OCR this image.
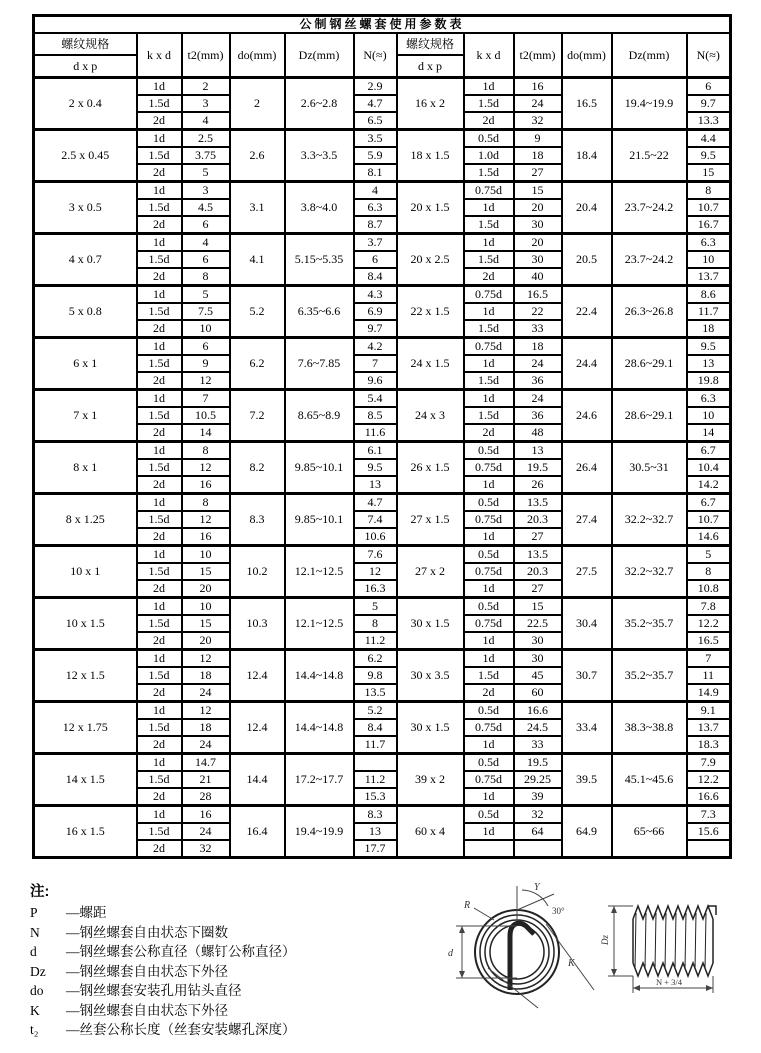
公制钢丝螺套使用参数表											
螺纹规格	k x d	t2(mm)	do(mm)	Dz(mm)	N(≈)	螺纹规格	k x d	t2(mm)	do(mm)	Dz(mm)	N(≈)
d x p						d x p					
2 x 0.4	1d	2	2	2.6~2.8	2.9	16 x 2	1d	16	16.5	19.4~19.9	6
	1.5d	3			4.7		1.5d	24			9.7
	2d	4			6.5		2d	32			13.3
2.5 x 0.45	1d	2.5	2.6	3.3~3.5	3.5	18 x 1.5	0.5d	9	18.4	21.5~22	4.4
	1.5d	3.75			5.9		1.0d	18			9.5
	2d	5			8.1		1.5d	27			15
3 x 0.5	1d	3	3.1	3.8~4.0	4	20 x 1.5	0.75d	15	20.4	23.7~24.2	8
	1.5d	4.5			6.3		1d	20			10.7
	2d	6			8.7		1.5d	30			16.7
4 x 0.7	1d	4	4.1	5.15~5.35	3.7	20 x 2.5	1d	20	20.5	23.7~24.2	6.3
	1.5d	6			6		1.5d	30			10
	2d	8			8.4		2d	40			13.7
5 x 0.8	1d	5	5.2	6.35~6.6	4.3	22 x 1.5	0.75d	16.5	22.4	26.3~26.8	8.6
	1.5d	7.5			6.9		1d	22			11.7
	2d	10			9.7		1.5d	33			18
6 x 1	1d	6	6.2	7.6~7.85	4.2	24 x 1.5	0.75d	18	24.4	28.6~29.1	9.5
	1.5d	9			7		1d	24			13
	2d	12			9.6		1.5d	36			19.8
7 x 1	1d	7	7.2	8.65~8.9	5.4	24 x 3	1d	24	24.6	28.6~29.1	6.3
	1.5d	10.5			8.5		1.5d	36			10
	2d	14			11.6		2d	48			14
8 x 1	1d	8	8.2	9.85~10.1	6.1	26 x 1.5	0.5d	13	26.4	30.5~31	6.7
	1.5d	12			9.5		0.75d	19.5			10.4
	2d	16			13		1d	26			14.2
8 x 1.25	1d	8	8.3	9.85~10.1	4.7	27 x 1.5	0.5d	13.5	27.4	32.2~32.7	6.7
	1.5d	12			7.4		0.75d	20.3			10.7
	2d	16			10.6		1d	27			14.6
10 x 1	1d	10	10.2	12.1~12.5	7.6	27 x 2	0.5d	13.5	27.5	32.2~32.7	5
	1.5d	15			12		0.75d	20.3			8
	2d	20			16.3		1d	27			10.8
10 x 1.5	1d	10	10.3	12.1~12.5	5	30 x 1.5	0.5d	15	30.4	35.2~35.7	7.8
	1.5d	15			8		0.75d	22.5			12.2
	2d	20			11.2		1d	30			16.5
12 x 1.5	1d	12	12.4	14.4~14.8	6.2	30 x 3.5	1d	30	30.7	35.2~35.7	7
	1.5d	18			9.8		1.5d	45			11
	2d	24			13.5		2d	60			14.9
12 x 1.75	1d	12	12.4	14.4~14.8	5.2	30 x 1.5	0.5d	16.6	33.4	38.3~38.8	9.1
	1.5d	18			8.4		0.75d	24.5			13.7
	2d	24			11.7		1d	33			18.3
14 x 1.5	1d	14.7	14.4	17.2~17.7		39 x 2	0.5d	19.5	39.5	45.1~45.6	7.9
	1.5d	21			11.2		0.75d	29.25			12.2
	2d	28			15.3		1d	39			16.6
16 x 1.5	1d	16	16.4	19.4~19.9	8.3	60 x 4	0.5d	32	64.9	65~66	7.3
	1.5d	24			13		1d	64			15.6
	2d	32			17.7						
注:
P	—螺距
N	—钢丝螺套自由状态下圈数
d	—钢丝螺套公称直径（螺钉公称直径）
Dz	—钢丝螺套自由状态下外径
do	—钢丝螺套安装孔用钻头直径
K	—钢丝螺套自由状态下外径
t₂	—丝套公称长度（丝套安装螺孔深度）
R
Y
30°
d
K
Dz
N + 3/4
